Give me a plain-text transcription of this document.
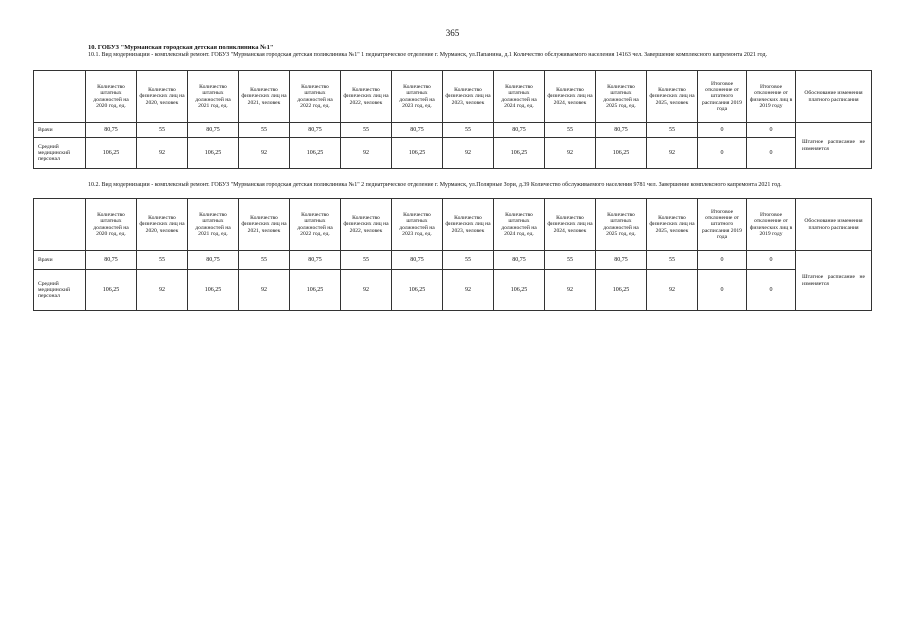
365
10. ГОБУЗ "Мурманская городская детская поликлиника №1"
10.1. Вид модернизации - комплексный ремонт. ГОБУЗ "Мурманская городская детская поликлиника №1" 1 педиатрическое отделение г. Мурманск, ул.Папанина, д.1 Количество обслуживаемого населения 14163 чел. Завершение комплексного капремонта 2021 год.
	Количество штатных должностей на 2020 год, ед.	Количество физических лиц на 2020, человек	Количество штатных должностей на 2021 год, ед.	Количество физических лиц на 2021, человек	Количество штатных должностей на 2022 год, ед.	Количество физических лиц на 2022, человек	Количество штатных должностей на 2023 год, ед.	Количество физических лиц на 2023, человек	Количество штатных должностей на 2024 год, ед.	Количество физических лиц на 2024, человек	Количество штатных должностей на 2025 год, ед.	Количество физических лиц на 2025, человек	Итоговое отклонение от штатного расписания 2019 года	Итоговое отклонение от физических лиц в 2019 году	Обоснование изменения платного расписания
Врачи	80,75	55	80,75	55	80,75	55	80,75	55	80,75	55	80,75	55	0	0	Штатное расписание не изменяется
Средний медицинский персонал	106,25	92	106,25	92	106,25	92	106,25	92	106,25	92	106,25	92	0	0	
10.2. Вид модернизации - комплексный ремонт. ГОБУЗ "Мурманская городская детская поликлиника №1" 2 педиатрическое отделение г. Мурманск, ул.Полярные Зори, д.39 Количество обслуживаемого населения 9781 чел. Завершение комплексного капремонта 2021 год.
	Количество штатных должностей на 2020 год, ед.	Количество физических лиц на 2020, человек	Количество штатных должностей на 2021 год, ед.	Количество физических лиц на 2021, человек	Количество штатных должностей на 2022 год, ед.	Количество физических лиц на 2022, человек	Количество штатных должностей на 2023 год, ед.	Количество физических лиц на 2023, человек	Количество штатных должностей на 2024 год, ед.	Количество физических лиц на 2024, человек	Количество штатных должностей на 2025 год, ед.	Количество физических лиц на 2025, человек	Итоговое отклонение от штатного расписания 2019 года	Итоговое отклонение от физических лиц в 2019 году	Обоснование изменения платного расписания
Врачи	80,75	55	80,75	55	80,75	55	80,75	55	80,75	55	80,75	55	0	0	Штатное расписание не изменяется
Средний медицинский персонал	106,25	92	106,25	92	106,25	92	106,25	92	106,25	92	106,25	92	0	0	
